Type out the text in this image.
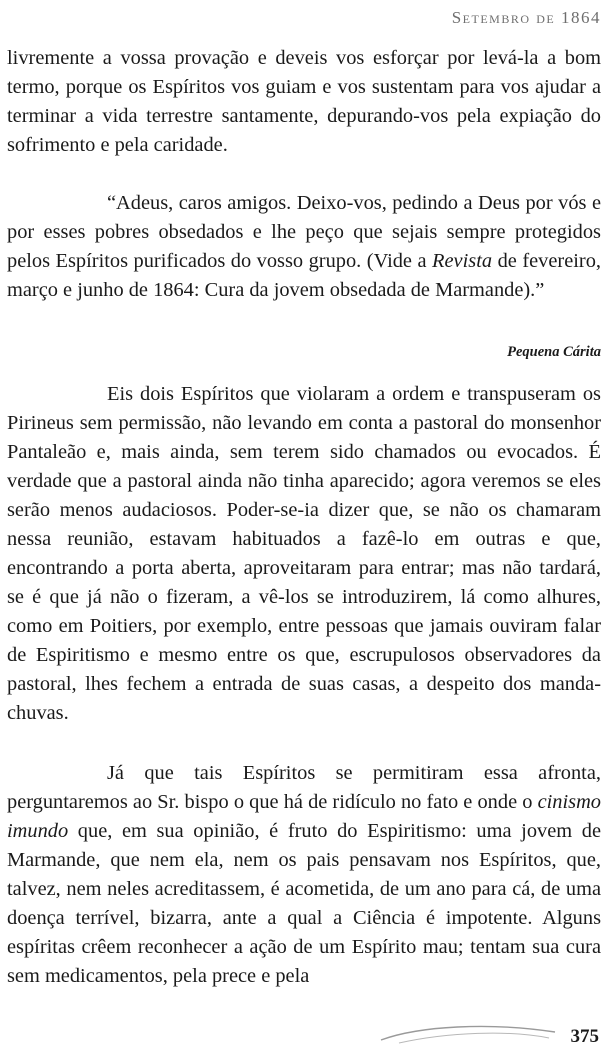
Setembro de 1864

livremente a vossa provação e deveis vos esforçar por levá-la a bom termo, porque os Espíritos vos guiam e vos sustentam para vos ajudar a terminar a vida terrestre santamente, depurando-vos pela expiação do sofrimento e pela caridade.

“Adeus, caros amigos. Deixo-vos, pedindo a Deus por vós e por esses pobres obsedados e lhe peço que sejais sempre protegidos pelos Espíritos purificados do vosso grupo. (Vide a Revista de fevereiro, março e junho de 1864: Cura da jovem obsedada de Marmande).”

Pequena Cárita

Eis dois Espíritos que violaram a ordem e transpuseram os Pirineus sem permissão, não levando em conta a pastoral do monsenhor Pantaleão e, mais ainda, sem terem sido chamados ou evocados. É verdade que a pastoral ainda não tinha aparecido; agora veremos se eles serão menos audaciosos. Poder-se-ia dizer que, se não os chamaram nessa reunião, estavam habituados a fazê-lo em outras e que, encontrando a porta aberta, aproveitaram para entrar; mas não tardará, se é que já não o fizeram, a vê-los se introduzirem, lá como alhures, como em Poitiers, por exemplo, entre pessoas que jamais ouviram falar de Espiritismo e mesmo entre os que, escrupulosos observadores da pastoral, lhes fechem a entrada de suas casas, a despeito dos manda-chuvas.

Já que tais Espíritos se permitiram essa afronta, perguntaremos ao Sr. bispo o que há de ridículo no fato e onde o cinismo imundo que, em sua opinião, é fruto do Espiritismo: uma jovem de Marmande, que nem ela, nem os pais pensavam nos Espíritos, que, talvez, nem neles acreditassem, é acometida, de um ano para cá, de uma doença terrível, bizarra, ante a qual a Ciência é impotente. Alguns espíritas crêem reconhecer a ação de um Espírito mau; tentam sua cura sem medicamentos, pela prece e pela

375
